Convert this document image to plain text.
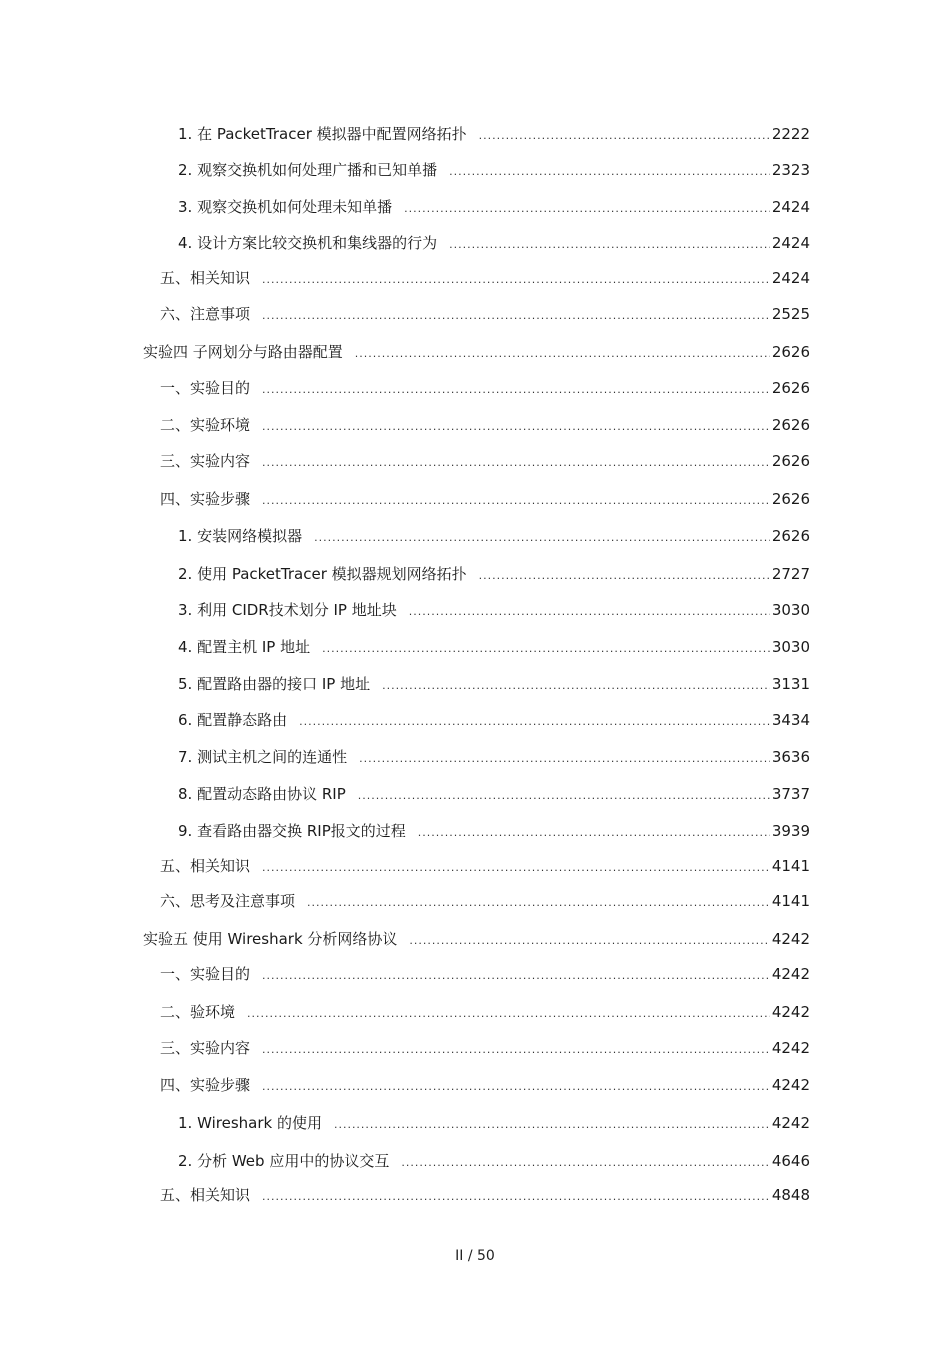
1. 在 PacketTracer 模拟器中配置网络拓扑 .....	2222
2. 观察交换机如何处理广播和已知单播 .....	2323
3. 观察交换机如何处理未知单播 .....	2424
4. 设计方案比较交换机和集线器的行为 .....	2424
五、相关知识 .....	2424
六、注意事项 .....	2525
实验四 子网划分与路由器配置 .....	2626
一、实验目的 .....	2626
二、实验环境 .....	2626
三、实验内容 .....	2626
四、实验步骤 .....	2626
1. 安装网络模拟器 .....	2626
2. 使用 PacketTracer 模拟器规划网络拓扑 .....	2727
3. 利用 CIDR技术划分 IP 地址块 .....	3030
4. 配置主机 IP 地址 .....	3030
5. 配置路由器的接口 IP 地址 .....	3131
6. 配置静态路由 .....	3434
7. 测试主机之间的连通性 .....	3636
8. 配置动态路由协议 RIP .....	3737
9. 查看路由器交换 RIP报文的过程 .....	3939
五、相关知识 .....	4141
六、思考及注意事项 .....	4141
实验五 使用 Wireshark 分析网络协议 .....	4242
一、实验目的 .....	4242
二、验环境 .....	4242
三、实验内容 .....	4242
四、实验步骤 .....	4242
1. Wireshark 的使用 .....	4242
2. 分析 Web 应用中的协议交互 .....	4646
五、相关知识 .....	4848
II / 50
